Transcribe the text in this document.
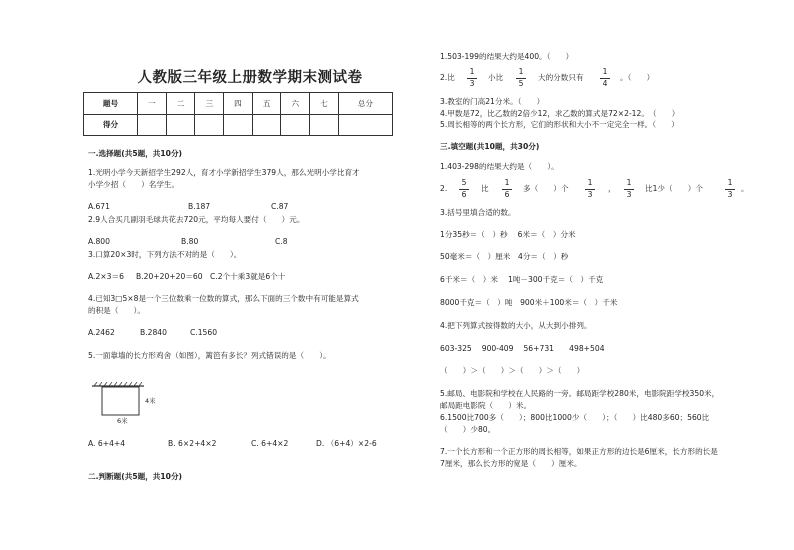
人教版三年级上册数学期末测试卷
题号	一	二	三	四	五	六	七	总分
得分								
一.选择题(共5题，共10分)
1.光明小学今天新招学生292人，育才小学新招学生379人，那么光明小学比育才
小学少招（　　）名学生。
A.671	B.187	C.87
2.9人合买几副羽毛球共花去720元，平均每人要付（　　）元。
A.800	B.80	C.8
3.口算20×3时，下列方法不对的是（　　）。
A.2×3＝6 B.20+20+20＝60 C.2个十乘3就是6个十
4.已知3□5×8是一个三位数乘一位数的算式，那么下面的三个数中有可能是算式
的积是（　　）。
A.2462	B.2840	C.1560
5.一面靠墙的长方形鸡舍（如图），篱笆有多长？列式错误的是（　　）。
4米
6米
A. 6+4+4	B. 6×2+4×2	C. 6+4×2	D. （6+4）×2-6
二.判断题(共5题，共10分)
1.503-199的结果大约是400。（　　）
2.比
1
3
小比
1
5
大的分数只有
1
4
。（　　）
3.教室的门高21分米。（　　）
4.甲数是72，比乙数的2倍少12，求乙数的算式是72×2-12。　（　　）
5.周长相等的两个长方形，它们的形状和大小不一定完全一样。（　　）
三.填空题(共10题，共30分)
1.403-298的结果大约是（　　）。
2.
5
6
比
1
6
多（　　）个
1
3
，
1
3
比1少（　　）个
1
3
。
3.括号里填合适的数。
1分35秒＝（　）秒　 6米＝（　）分米
50毫米＝（　）厘米　4分＝（　）秒
6千米＝（　）米　 1吨－300千克＝（　）千克
8000千克＝（　）吨　900米＋100米＝（　）千米
4.把下列算式按得数的大小，从大到小排列。
603-325　 900-409　 56+731　　498+504
（　　）＞（　　）＞（　　）＞（　　）
5.邮局、电影院和学校在人民路的一旁。邮局距学校280米，电影院距学校350米，
邮局距电影院（　　）米。
6.1500比700多（　　）；800比1000少（　　）；（　　）比480多60；560比
（　　）少80。
7.一个长方形和一个正方形的周长相等，如果正方形的边长是6厘米，长方形的长是
7厘米，那么长方形的宽是（　　）厘米。
